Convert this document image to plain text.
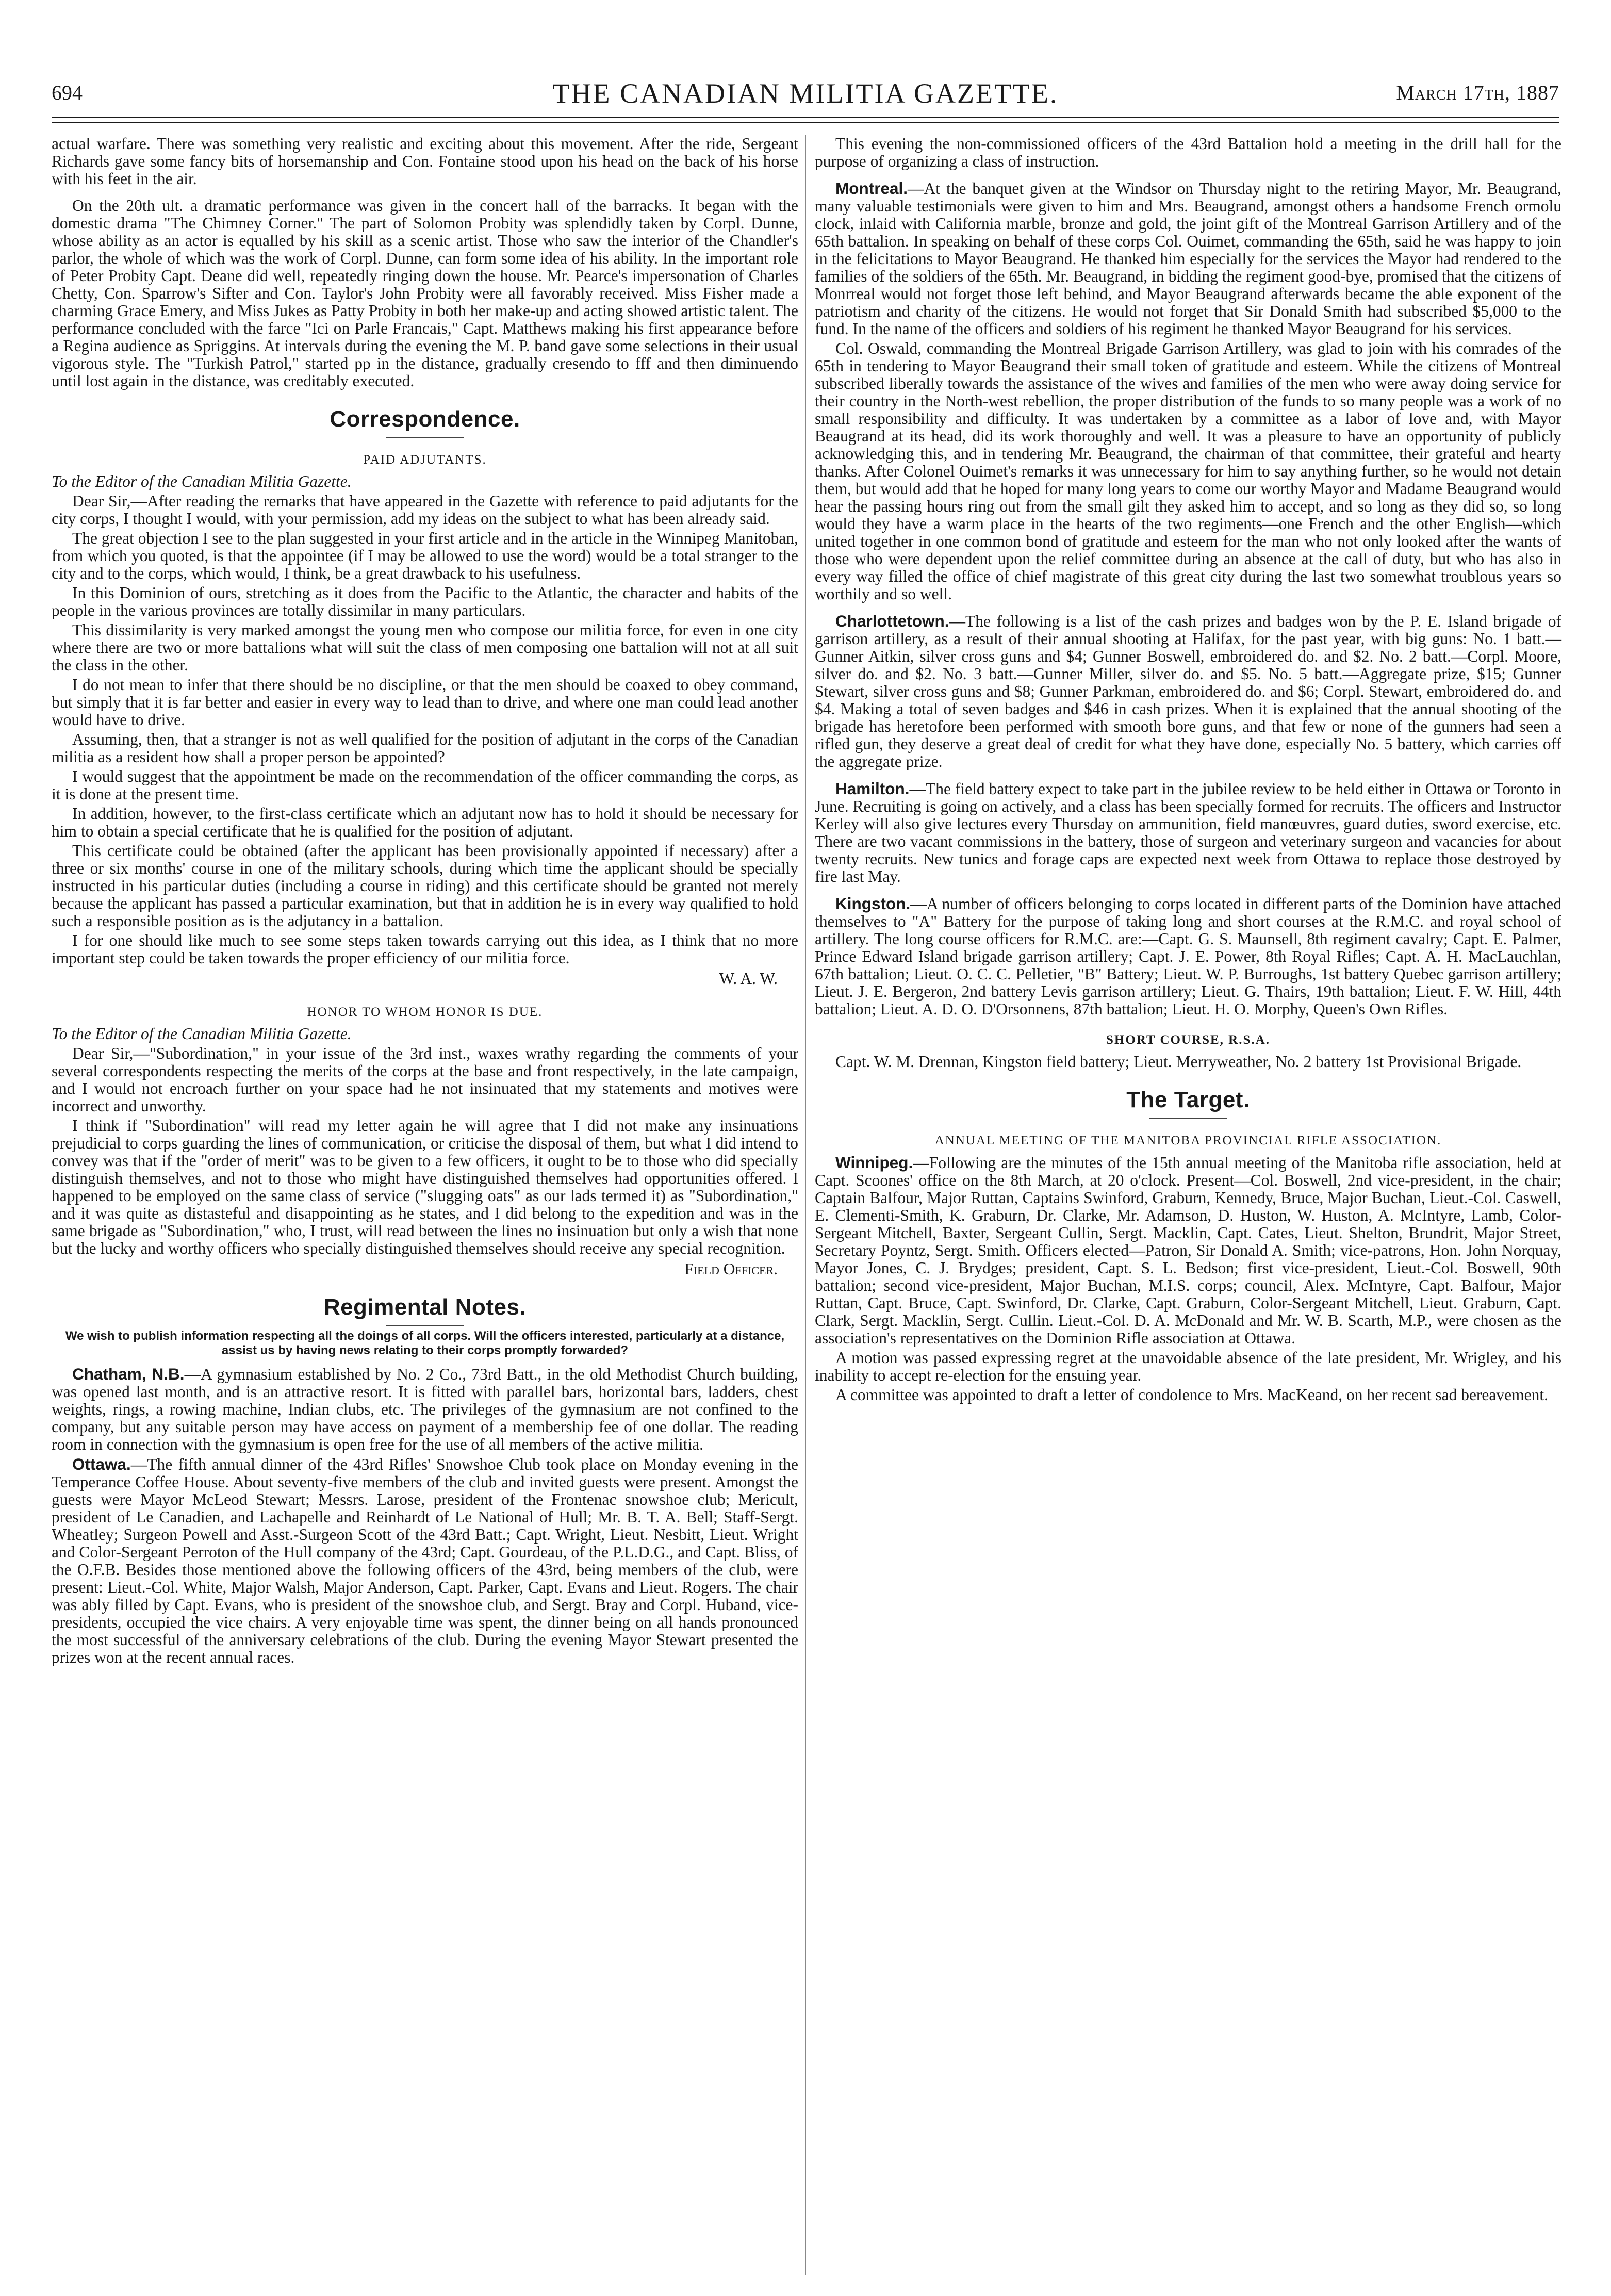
694	THE CANADIAN MILITIA GAZETTE.	March 17th, 1887

actual warfare. There was something very realistic and exciting about this movement. After the ride, Sergeant Richards gave some fancy bits of horsemanship and Con. Fontaine stood upon his head on the back of his horse with his feet in the air.

On the 20th ult. a dramatic performance was given in the concert hall of the barracks. It began with the domestic drama "The Chimney Corner." The part of Solomon Probity was splendidly taken by Corpl. Dunne, whose ability as an actor is equalled by his skill as a scenic artist. Those who saw the interior of the Chandler's parlor, the whole of which was the work of Corpl. Dunne, can form some idea of his ability. In the important role of Peter Probity Capt. Deane did well, repeatedly ringing down the house. Mr. Pearce's impersonation of Charles Chetty, Con. Sparrow's Sifter and Con. Taylor's John Probity were all favorably received. Miss Fisher made a charming Grace Emery, and Miss Jukes as Patty Probity in both her make-up and acting showed artistic talent. The performance concluded with the farce "Ici on Parle Francais," Capt. Matthews making his first appearance before a Regina audience as Spriggins. At intervals during the evening the M. P. band gave some selections in their usual vigorous style. The "Turkish Patrol," started pp in the distance, gradually cresendo to fff and then diminuendo until lost again in the distance, was creditably executed.

Correspondence.
PAID ADJUTANTS.

To the Editor of the Canadian Militia Gazette.

Dear Sir,—After reading the remarks that have appeared in the Gazette with reference to paid adjutants for the city corps, I thought I would, with your permission, add my ideas on the subject to what has been already said.

The great objection I see to the plan suggested in your first article and in the article in the Winnipeg Manitoban, from which you quoted, is that the appointee (if I may be allowed to use the word) would be a total stranger to the city and to the corps, which would, I think, be a great drawback to his usefulness.

In this Dominion of ours, stretching as it does from the Pacific to the Atlantic, the character and habits of the people in the various provinces are totally dissimilar in many particulars.

This dissimilarity is very marked amongst the young men who compose our militia force, for even in one city where there are two or more battalions what will suit the class of men composing one battalion will not at all suit the class in the other.

I do not mean to infer that there should be no discipline, or that the men should be coaxed to obey command, but simply that it is far better and easier in every way to lead than to drive, and where one man could lead another would have to drive.

Assuming, then, that a stranger is not as well qualified for the position of adjutant in the corps of the Canadian militia as a resident how shall a proper person be appointed?

I would suggest that the appointment be made on the recommendation of the officer commanding the corps, as it is done at the present time.

In addition, however, to the first-class certificate which an adjutant now has to hold it should be necessary for him to obtain a special certificate that he is qualified for the position of adjutant.

This certificate could be obtained (after the applicant has been provisionally appointed if necessary) after a three or six months' course in one of the military schools, during which time the applicant should be specially instructed in his particular duties (including a course in riding) and this certificate should be granted not merely because the applicant has passed a particular examination, but that in addition he is in every way qualified to hold such a responsible position as is the adjutancy in a battalion.

I for one should like much to see some steps taken towards carrying out this idea, as I think that no more important step could be taken towards the proper efficiency of our militia force.

W. A. W.
HONOR TO WHOM HONOR IS DUE.

To the Editor of the Canadian Militia Gazette.

Dear Sir,—"Subordination," in your issue of the 3rd inst., waxes wrathy regarding the comments of your several correspondents respecting the merits of the corps at the base and front respectively, in the late campaign, and I would not encroach further on your space had he not insinuated that my statements and motives were incorrect and unworthy.

I think if "Subordination" will read my letter again he will agree that I did not make any insinuations prejudicial to corps guarding the lines of communication, or criticise the disposal of them, but what I did intend to convey was that if the "order of merit" was to be given to a few officers, it ought to be to those who did specially distinguish themselves, and not to those who might have distinguished themselves had opportunities offered. I happened to be employed on the same class of service ("slugging oats" as our lads termed it) as "Subordination," and it was quite as distasteful and disappointing as he states, and I did belong to the expedition and was in the same brigade as "Subordination," who, I trust, will read between the lines no insinuation but only a wish that none but the lucky and worthy officers who specially distinguished themselves should receive any special recognition.

Field Officer.
Regimental Notes.
We wish to publish information respecting all the doings of all corps. Will the officers interested, particularly at a distance, assist us by having news relating to their corps promptly forwarded?

Chatham, N.B.—A gymnasium established by No. 2 Co., 73rd Batt., in the old Methodist Church building, was opened last month, and is an attractive resort. It is fitted with parallel bars, horizontal bars, ladders, chest weights, rings, a rowing machine, Indian clubs, etc. The privileges of the gymnasium are not confined to the company, but any suitable person may have access on payment of a membership fee of one dollar. The reading room in connection with the gymnasium is open free for the use of all members of the active militia.

Ottawa.—The fifth annual dinner of the 43rd Rifles' Snowshoe Club took place on Monday evening in the Temperance Coffee House. About seventy-five members of the club and invited guests were present. Amongst the guests were Mayor McLeod Stewart; Messrs. Larose, president of the Frontenac snowshoe club; Mericult, president of Le Canadien, and Lachapelle and Reinhardt of Le National of Hull; Mr. B. T. A. Bell; Staff-Sergt. Wheatley; Surgeon Powell and Asst.-Surgeon Scott of the 43rd Batt.; Capt. Wright, Lieut. Nesbitt, Lieut. Wright and Color-Sergeant Perroton of the Hull company of the 43rd; Capt. Gourdeau, of the P.L.D.G., and Capt. Bliss, of the O.F.B. Besides those mentioned above the following officers of the 43rd, being members of the club, were present: Lieut.-Col. White, Major Walsh, Major Anderson, Capt. Parker, Capt. Evans and Lieut. Rogers. The chair was ably filled by Capt. Evans, who is president of the snowshoe club, and Sergt. Bray and Corpl. Huband, vice-presidents, occupied the vice chairs. A very enjoyable time was spent, the dinner being on all hands pronounced the most successful of the anniversary celebrations of the club. During the evening Mayor Stewart presented the prizes won at the recent annual races.

This evening the non-commissioned officers of the 43rd Battalion hold a meeting in the drill hall for the purpose of organizing a class of instruction.

Montreal.—At the banquet given at the Windsor on Thursday night to the retiring Mayor, Mr. Beaugrand, many valuable testimonials were given to him and Mrs. Beaugrand, amongst others a handsome French ormolu clock, inlaid with California marble, bronze and gold, the joint gift of the Montreal Garrison Artillery and of the 65th battalion. In speaking on behalf of these corps Col. Ouimet, commanding the 65th, said he was happy to join in the felicitations to Mayor Beaugrand. He thanked him especially for the services the Mayor had rendered to the families of the soldiers of the 65th. Mr. Beaugrand, in bidding the regiment good-bye, promised that the citizens of Monrreal would not forget those left behind, and Mayor Beaugrand afterwards became the able exponent of the patriotism and charity of the citizens. He would not forget that Sir Donald Smith had subscribed $5,000 to the fund. In the name of the officers and soldiers of his regiment he thanked Mayor Beaugrand for his services.

Col. Oswald, commanding the Montreal Brigade Garrison Artillery, was glad to join with his comrades of the 65th in tendering to Mayor Beaugrand their small token of gratitude and esteem. While the citizens of Montreal subscribed liberally towards the assistance of the wives and families of the men who were away doing service for their country in the North-west rebellion, the proper distribution of the funds to so many people was a work of no small responsibility and difficulty. It was undertaken by a committee as a labor of love and, with Mayor Beaugrand at its head, did its work thoroughly and well. It was a pleasure to have an opportunity of publicly acknowledging this, and in tendering Mr. Beaugrand, the chairman of that committee, their grateful and hearty thanks. After Colonel Ouimet's remarks it was unnecessary for him to say anything further, so he would not detain them, but would add that he hoped for many long years to come our worthy Mayor and Madame Beaugrand would hear the passing hours ring out from the small gilt they asked him to accept, and so long as they did so, so long would they have a warm place in the hearts of the two regiments—one French and the other English—which united together in one common bond of gratitude and esteem for the man who not only looked after the wants of those who were dependent upon the relief committee during an absence at the call of duty, but who has also in every way filled the office of chief magistrate of this great city during the last two somewhat troublous years so worthily and so well.

Charlottetown.—The following is a list of the cash prizes and badges won by the P. E. Island brigade of garrison artillery, as a result of their annual shooting at Halifax, for the past year, with big guns: No. 1 batt.—Gunner Aitkin, silver cross guns and $4; Gunner Boswell, embroidered do. and $2. No. 2 batt.—Corpl. Moore, silver do. and $2. No. 3 batt.—Gunner Miller, silver do. and $5. No. 5 batt.—Aggregate prize, $15; Gunner Stewart, silver cross guns and $8; Gunner Parkman, embroidered do. and $6; Corpl. Stewart, embroidered do. and $4. Making a total of seven badges and $46 in cash prizes. When it is explained that the annual shooting of the brigade has heretofore been performed with smooth bore guns, and that few or none of the gunners had seen a rifled gun, they deserve a great deal of credit for what they have done, especially No. 5 battery, which carries off the aggregate prize.

Hamilton.—The field battery expect to take part in the jubilee review to be held either in Ottawa or Toronto in June. Recruiting is going on actively, and a class has been specially formed for recruits. The officers and Instructor Kerley will also give lectures every Thursday on ammunition, field manœuvres, guard duties, sword exercise, etc. There are two vacant commissions in the battery, those of surgeon and veterinary surgeon and vacancies for about twenty recruits. New tunics and forage caps are expected next week from Ottawa to replace those destroyed by fire last May.

Kingston.—A number of officers belonging to corps located in different parts of the Dominion have attached themselves to "A" Battery for the purpose of taking long and short courses at the R.M.C. and royal school of artillery. The long course officers for R.M.C. are:—Capt. G. S. Maunsell, 8th regiment cavalry; Capt. E. Palmer, Prince Edward Island brigade garrison artillery; Capt. J. E. Power, 8th Royal Rifles; Capt. A. H. MacLauchlan, 67th battalion; Lieut. O. C. C. Pelletier, "B" Battery; Lieut. W. P. Burroughs, 1st battery Quebec garrison artillery; Lieut. J. E. Bergeron, 2nd battery Levis garrison artillery; Lieut. G. Thairs, 19th battalion; Lieut. F. W. Hill, 44th battalion; Lieut. A. D. O. D'Orsonnens, 87th battalion; Lieut. H. O. Morphy, Queen's Own Rifles.

SHORT COURSE, R.S.A.

Capt. W. M. Drennan, Kingston field battery; Lieut. Merryweather, No. 2 battery 1st Provisional Brigade.

The Target.
ANNUAL MEETING OF THE MANITOBA PROVINCIAL RIFLE ASSOCIATION.

Winnipeg.—Following are the minutes of the 15th annual meeting of the Manitoba rifle association, held at Capt. Scoones' office on the 8th March, at 20 o'clock. Present—Col. Boswell, 2nd vice-president, in the chair; Captain Balfour, Major Ruttan, Captains Swinford, Graburn, Kennedy, Bruce, Major Buchan, Lieut.-Col. Caswell, E. Clementi-Smith, K. Graburn, Dr. Clarke, Mr. Adamson, D. Huston, W. Huston, A. McIntyre, Lamb, Color-Sergeant Mitchell, Baxter, Sergeant Cullin, Sergt. Macklin, Capt. Cates, Lieut. Shelton, Brundrit, Major Street, Secretary Poyntz, Sergt. Smith. Officers elected—Patron, Sir Donald A. Smith; vice-patrons, Hon. John Norquay, Mayor Jones, C. J. Brydges; president, Capt. S. L. Bedson; first vice-president, Lieut.-Col. Boswell, 90th battalion; second vice-president, Major Buchan, M.I.S. corps; council, Alex. McIntyre, Capt. Balfour, Major Ruttan, Capt. Bruce, Capt. Swinford, Dr. Clarke, Capt. Graburn, Color-Sergeant Mitchell, Lieut. Graburn, Capt. Clark, Sergt. Macklin, Sergt. Cullin. Lieut.-Col. D. A. McDonald and Mr. W. B. Scarth, M.P., were chosen as the association's representatives on the Dominion Rifle association at Ottawa.

A motion was passed expressing regret at the unavoidable absence of the late president, Mr. Wrigley, and his inability to accept re-election for the ensuing year.

A committee was appointed to draft a letter of condolence to Mrs. MacKeand, on her recent sad bereavement.
